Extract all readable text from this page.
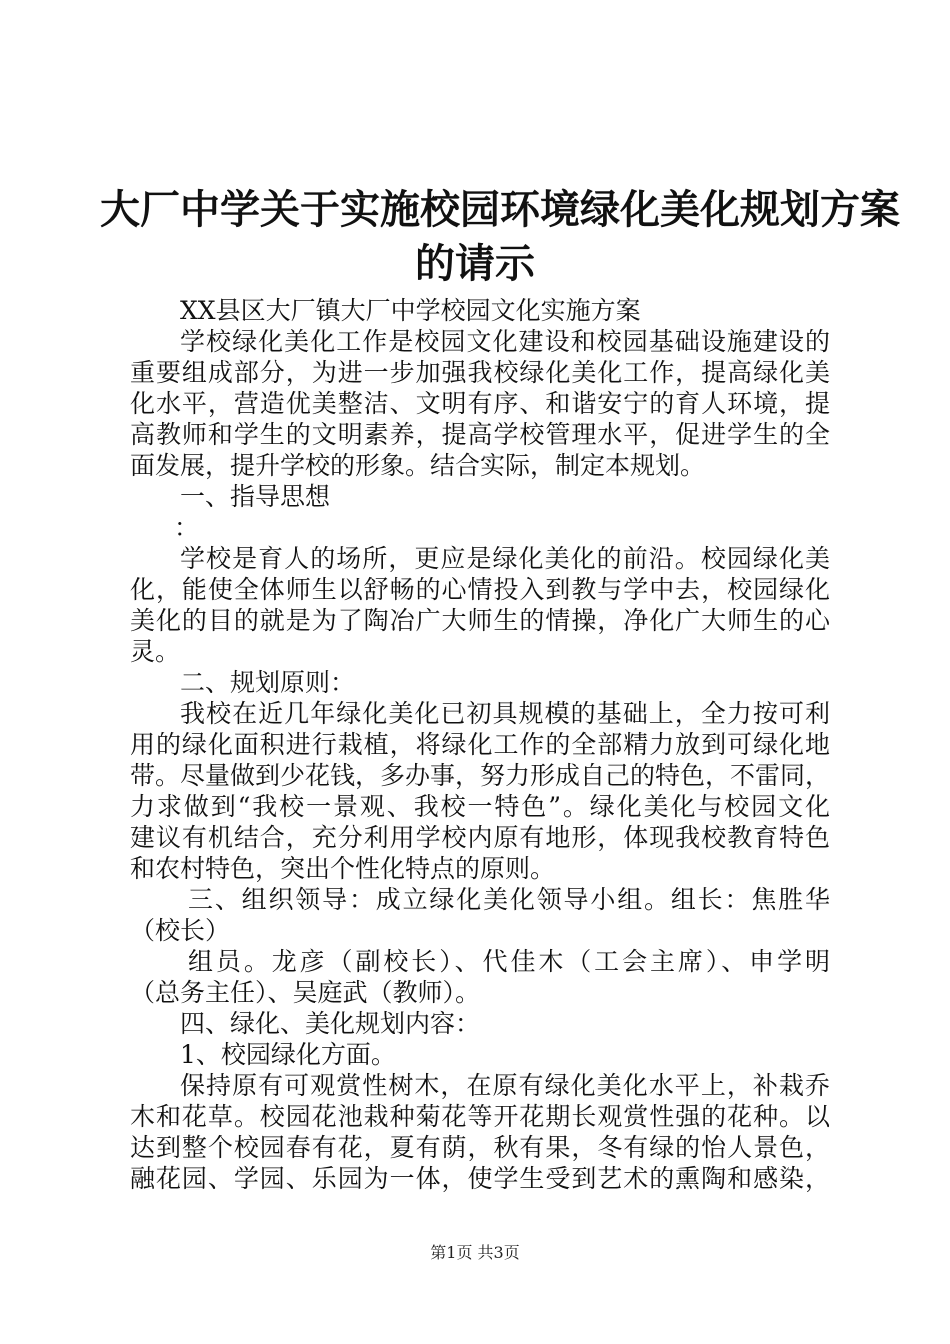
大厂中学关于实施校园环境绿化美化规划方案
的请示
XX县区大厂镇大厂中学校园文化实施方案
学校绿化美化工作是校园文化建设和校园基础设施建设的
重要组成部分，为进一步加强我校绿化美化工作，提高绿化美
化水平，营造优美整洁、文明有序、和谐安宁的育人环境，提
高教师和学生的文明素养，提高学校管理水平，促进学生的全
面发展，提升学校的形象。结合实际，制定本规划。
一、指导思想
：
学校是育人的场所，更应是绿化美化的前沿。校园绿化美
化，能使全体师生以舒畅的心情投入到教与学中去，校园绿化
美化的目的就是为了陶冶广大师生的情操，净化广大师生的心
灵。
二、规划原则：
我校在近几年绿化美化已初具规模的基础上，全力按可利
用的绿化面积进行栽植，将绿化工作的全部精力放到可绿化地
带。尽量做到少花钱，多办事，努力形成自己的特色，不雷同，
力求做到“我校一景观、我校一特色”。绿化美化与校园文化
建议有机结合，充分利用学校内原有地形，体现我校教育特色
和农村特色，突出个性化特点的原则。
三、组织领导：成立绿化美化领导小组。组长：焦胜华
（校长）
组员。龙彦（副校长）、代佳木（工会主席）、申学明
（总务主任）、吴庭武（教师）。
四、绿化、美化规划内容：
1、校园绿化方面。
保持原有可观赏性树木，在原有绿化美化水平上，补栽乔
木和花草。校园花池栽种菊花等开花期长观赏性强的花种。以
达到整个校园春有花，夏有荫，秋有果，冬有绿的怡人景色，
融花园、学园、乐园为一体，使学生受到艺术的熏陶和感染，
第1页 共3页
